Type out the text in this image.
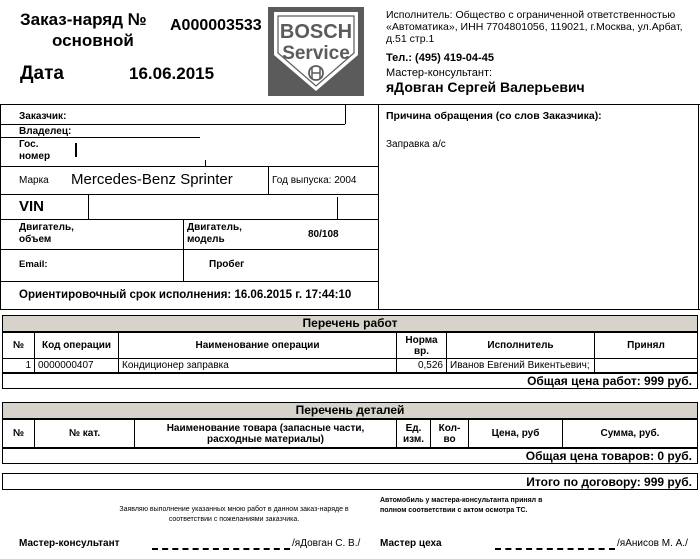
Заказ-наряд №
основной
A000003533
Дата	16.06.2015
BOSCH
Service
Исполнитель: Общество с ограниченной ответственностью «Автоматика», ИНН 7704801056, 119021, г.Москва, ул.Арбат, д.51 стр.1
Тел.: (495) 419-04-45
Мастер-консультант:
яДовган Сергей Валерьевич
Заказчик:
Владелец:
Гос. номер
Причина обращения (со слов Заказчика):
Заправка а/с
Марка Mercedes-Benz Sprinter	Год выпуска: 2004
VIN
Двигатель, объем
Двигатель, модель	80/108
Email:	Пробег
Ориентировочный срок исполнения: 16.06.2015 г. 17:44:10
Перечень работ
№	Код операции	Наименование операции	Норма вр.	Исполнитель	Принял
1	0000000407	Кондиционер заправка	0,526	Иванов Евгений Викентьевич;	
Общая цена работ: 999 руб.
Перечень деталей
№	№ кат.	Наименование товара (запасные части, расходные материалы)	Ед. изм.	Кол-во	Цена, руб	Сумма, руб.
Общая цена товаров: 0 руб.
Итого по договору: 999 руб.
Заявляю выполнение указанных мною работ в данном заказ-наряде в соответствии с пожеланиями заказчика.
Автомобиль у мастера-консультанта принял в полном соответствии с актом осмотра ТС.
Мастер-консультант	/яДовган С. В./ Мастер цеха	/яАнисов М. А./
